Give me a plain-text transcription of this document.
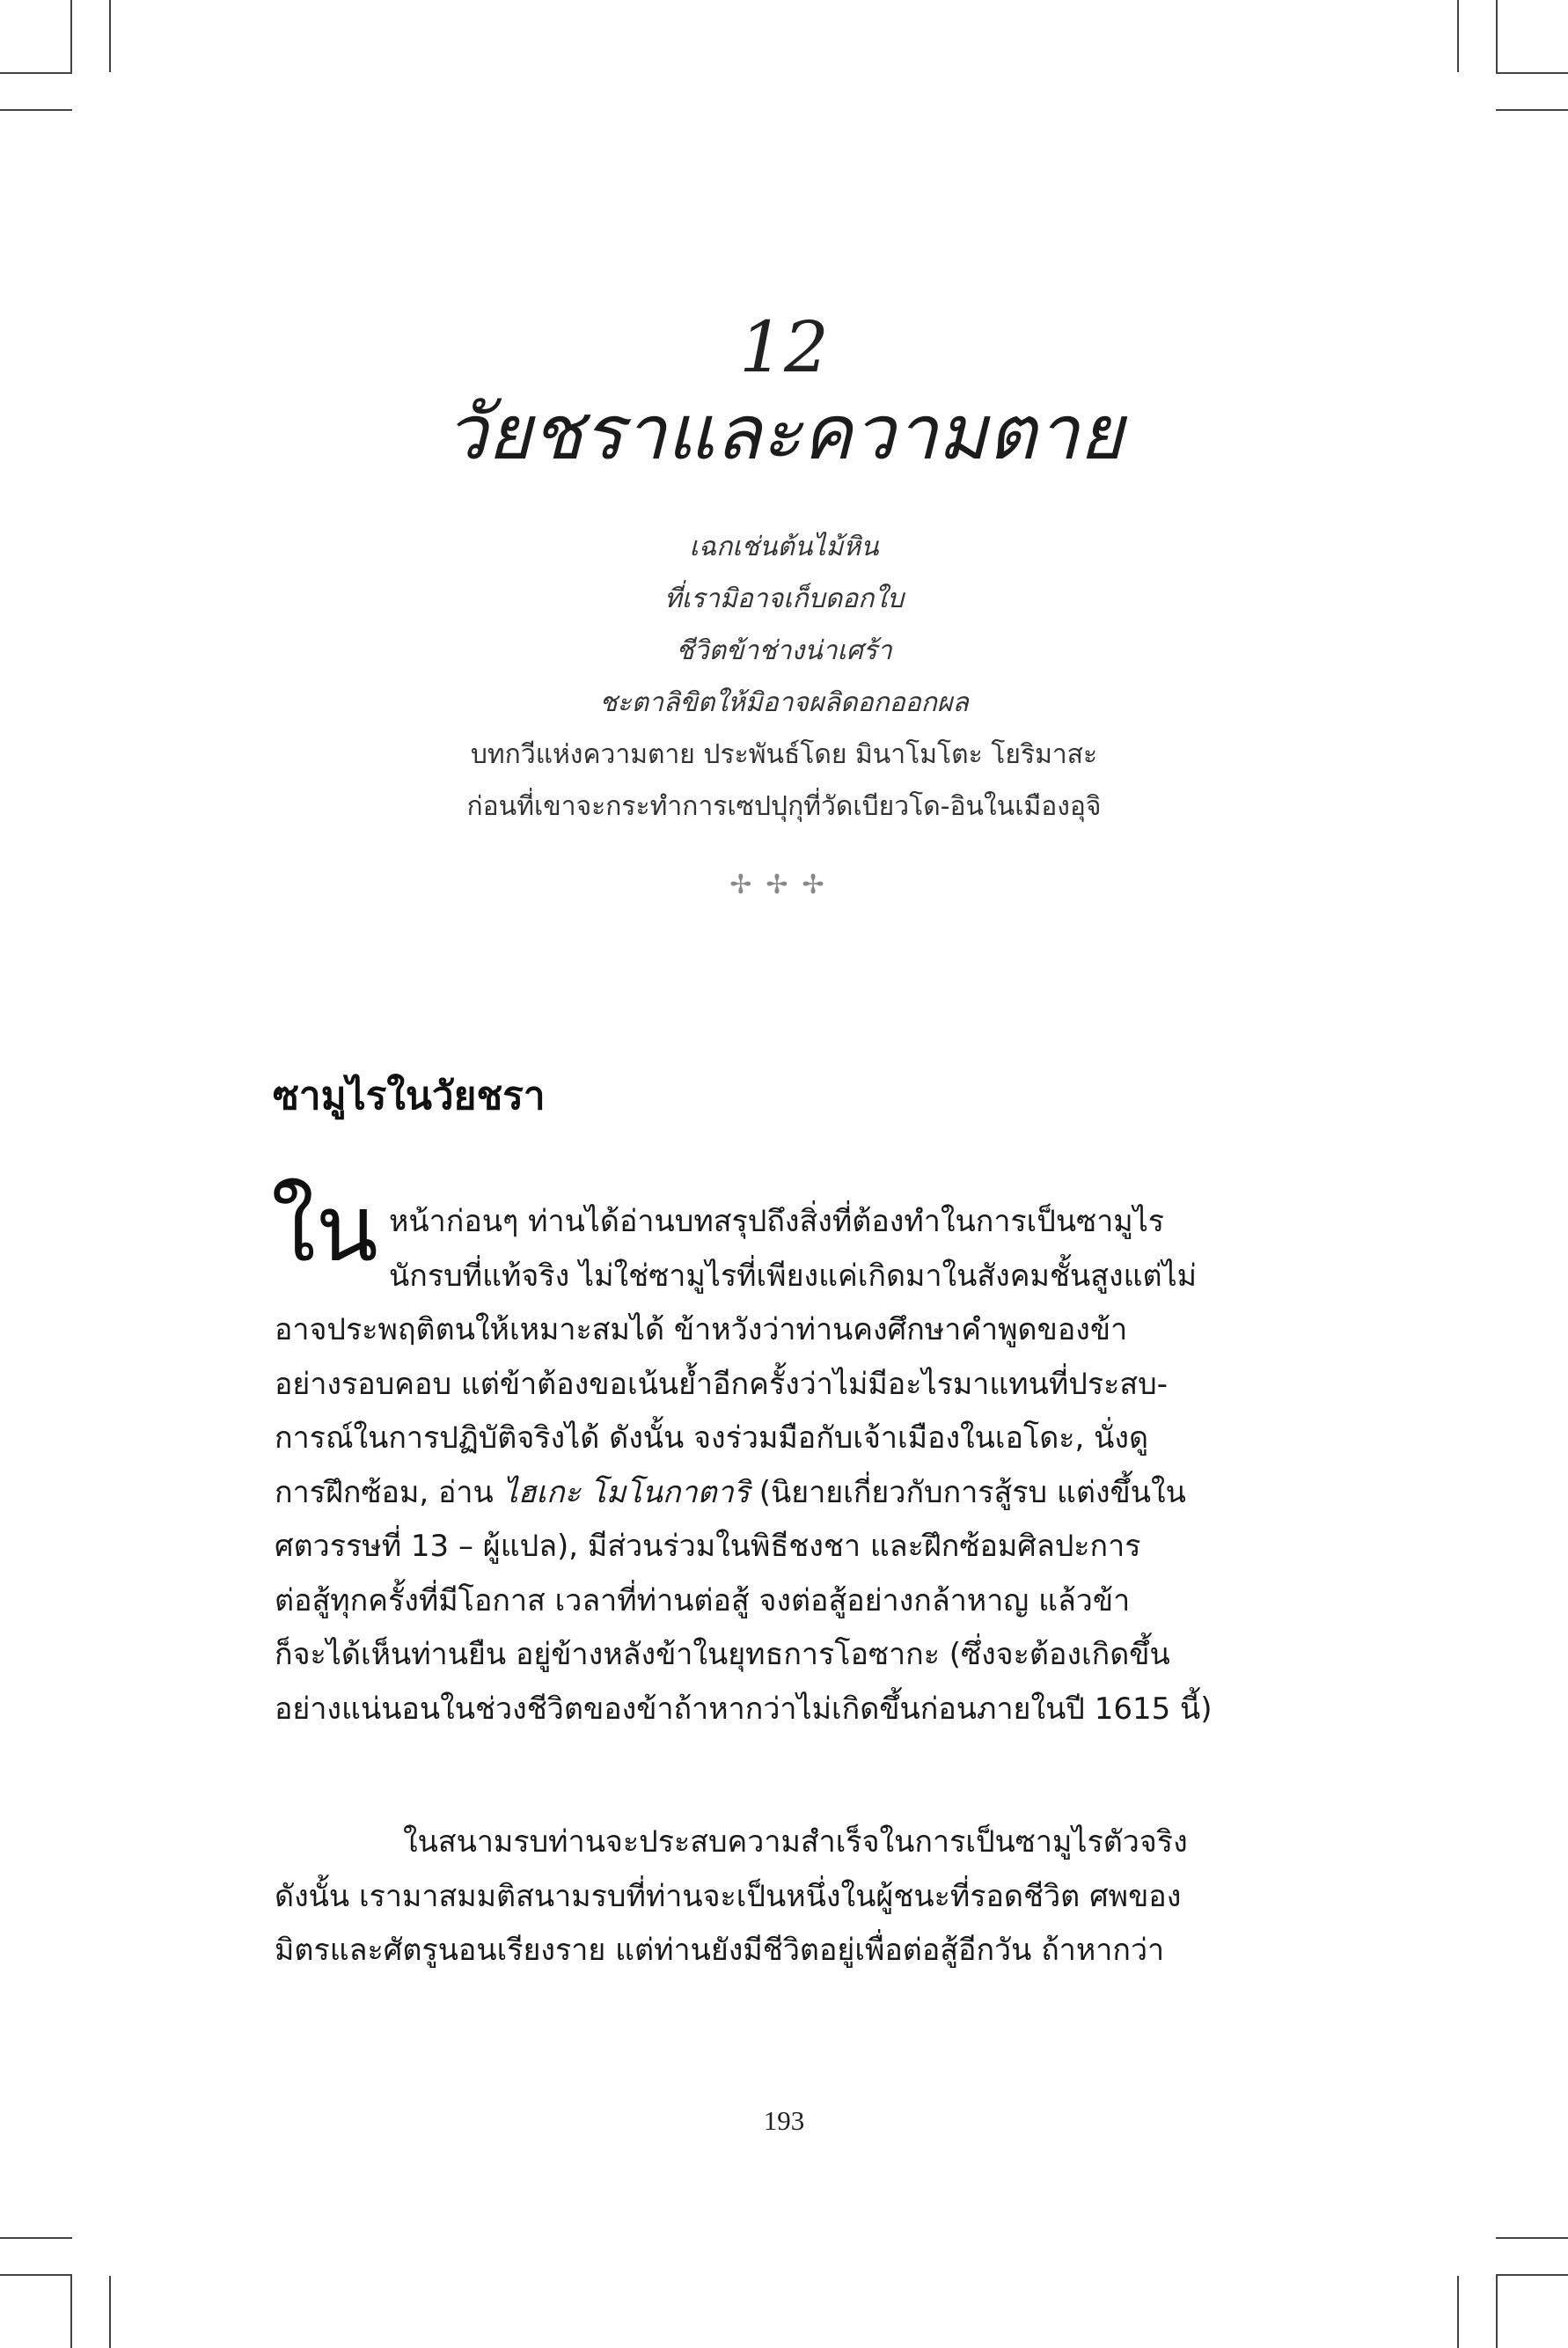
12
วัยชราและความตาย
เฉกเช่นต้นไม้หิน
ที่เรามิอาจเก็บดอกใบ
ชีวิตข้าช่างน่าเศร้า
ชะตาลิขิตให้มิอาจผลิดอกออกผล
บทกวีแห่งความตาย ประพันธ์โดย มินาโมโตะ โยริมาสะ
ก่อนที่เขาจะกระทำการเซปปุกุที่วัดเบียวโด-อินในเมืองอุจิ
✢✢✢
ซามูไรในวัยชรา
ใน หน้าก่อนๆ ท่านได้อ่านบทสรุปถึงสิ่งที่ต้องทำในการเป็นซามูไร
นักรบที่แท้จริง ไม่ใช่ซามูไรที่เพียงแค่เกิดมาในสังคมชั้นสูงแต่ไม่
อาจประพฤติตนให้เหมาะสมได้ ข้าหวังว่าท่านคงศึกษาคำพูดของข้า
อย่างรอบคอบ แต่ข้าต้องขอเน้นย้ำอีกครั้งว่าไม่มีอะไรมาแทนที่ประสบ-
การณ์ในการปฏิบัติจริงได้ ดังนั้น จงร่วมมือกับเจ้าเมืองในเอโดะ, นั่งดู
การฝึกซ้อม, อ่าน ไฮเกะ โมโนกาตาริ (นิยายเกี่ยวกับการสู้รบ แต่งขึ้นใน
ศตวรรษที่ 13 – ผู้แปล), มีส่วนร่วมในพิธีชงชา และฝึกซ้อมศิลปะการ
ต่อสู้ทุกครั้งที่มีโอกาส เวลาที่ท่านต่อสู้ จงต่อสู้อย่างกล้าหาญ แล้วข้า
ก็จะได้เห็นท่านยืน อยู่ข้างหลังข้าในยุทธการโอซากะ (ซึ่งจะต้องเกิดขึ้น
อย่างแน่นอนในช่วงชีวิตของข้าถ้าหากว่าไม่เกิดขึ้นก่อนภายในปี 1615 นี้)
ในสนามรบท่านจะประสบความสำเร็จในการเป็นซามูไรตัวจริง
ดังนั้น เรามาสมมติสนามรบที่ท่านจะเป็นหนึ่งในผู้ชนะที่รอดชีวิต ศพของ
มิตรและศัตรูนอนเรียงราย แต่ท่านยังมีชีวิตอยู่เพื่อต่อสู้อีกวัน ถ้าหากว่า
193
